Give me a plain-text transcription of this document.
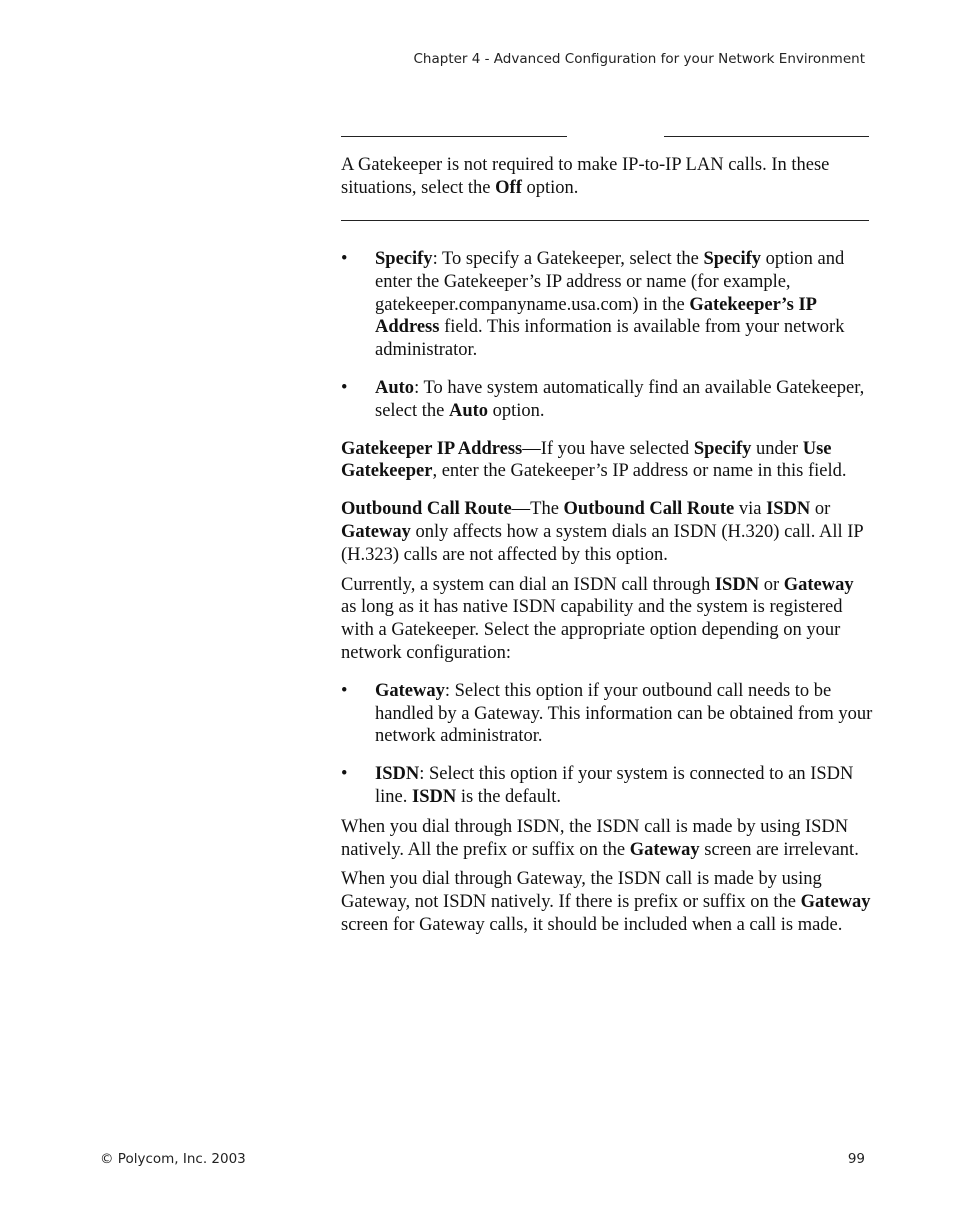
Chapter 4 - Advanced Configuration for your Network Environment

A Gatekeeper is not required to make IP-to-IP LAN calls. In these situations, select the Off option.

• Specify: To specify a Gatekeeper, select the Specify option and enter the Gatekeeper’s IP address or name (for example, gatekeeper.companyname.usa.com) in the Gatekeeper’s IP Address field. This information is available from your network administrator.
• Auto: To have system automatically find an available Gatekeeper, select the Auto option.

Gatekeeper IP Address—If you have selected Specify under Use Gatekeeper, enter the Gatekeeper’s IP address or name in this field.

Outbound Call Route—The Outbound Call Route via ISDN or Gateway only affects how a system dials an ISDN (H.320) call. All IP (H.323) calls are not affected by this option.

Currently, a system can dial an ISDN call through ISDN or Gateway as long as it has native ISDN capability and the system is registered with a Gatekeeper. Select the appropriate option depending on your network configuration:

• Gateway: Select this option if your outbound call needs to be handled by a Gateway. This information can be obtained from your network administrator.
• ISDN: Select this option if your system is connected to an ISDN line. ISDN is the default.

When you dial through ISDN, the ISDN call is made by using ISDN natively. All the prefix or suffix on the Gateway screen are irrelevant.

When you dial through Gateway, the ISDN call is made by using Gateway, not ISDN natively. If there is prefix or suffix on the Gateway screen for Gateway calls, it should be included when a call is made.

© Polycom, Inc. 2003	99
